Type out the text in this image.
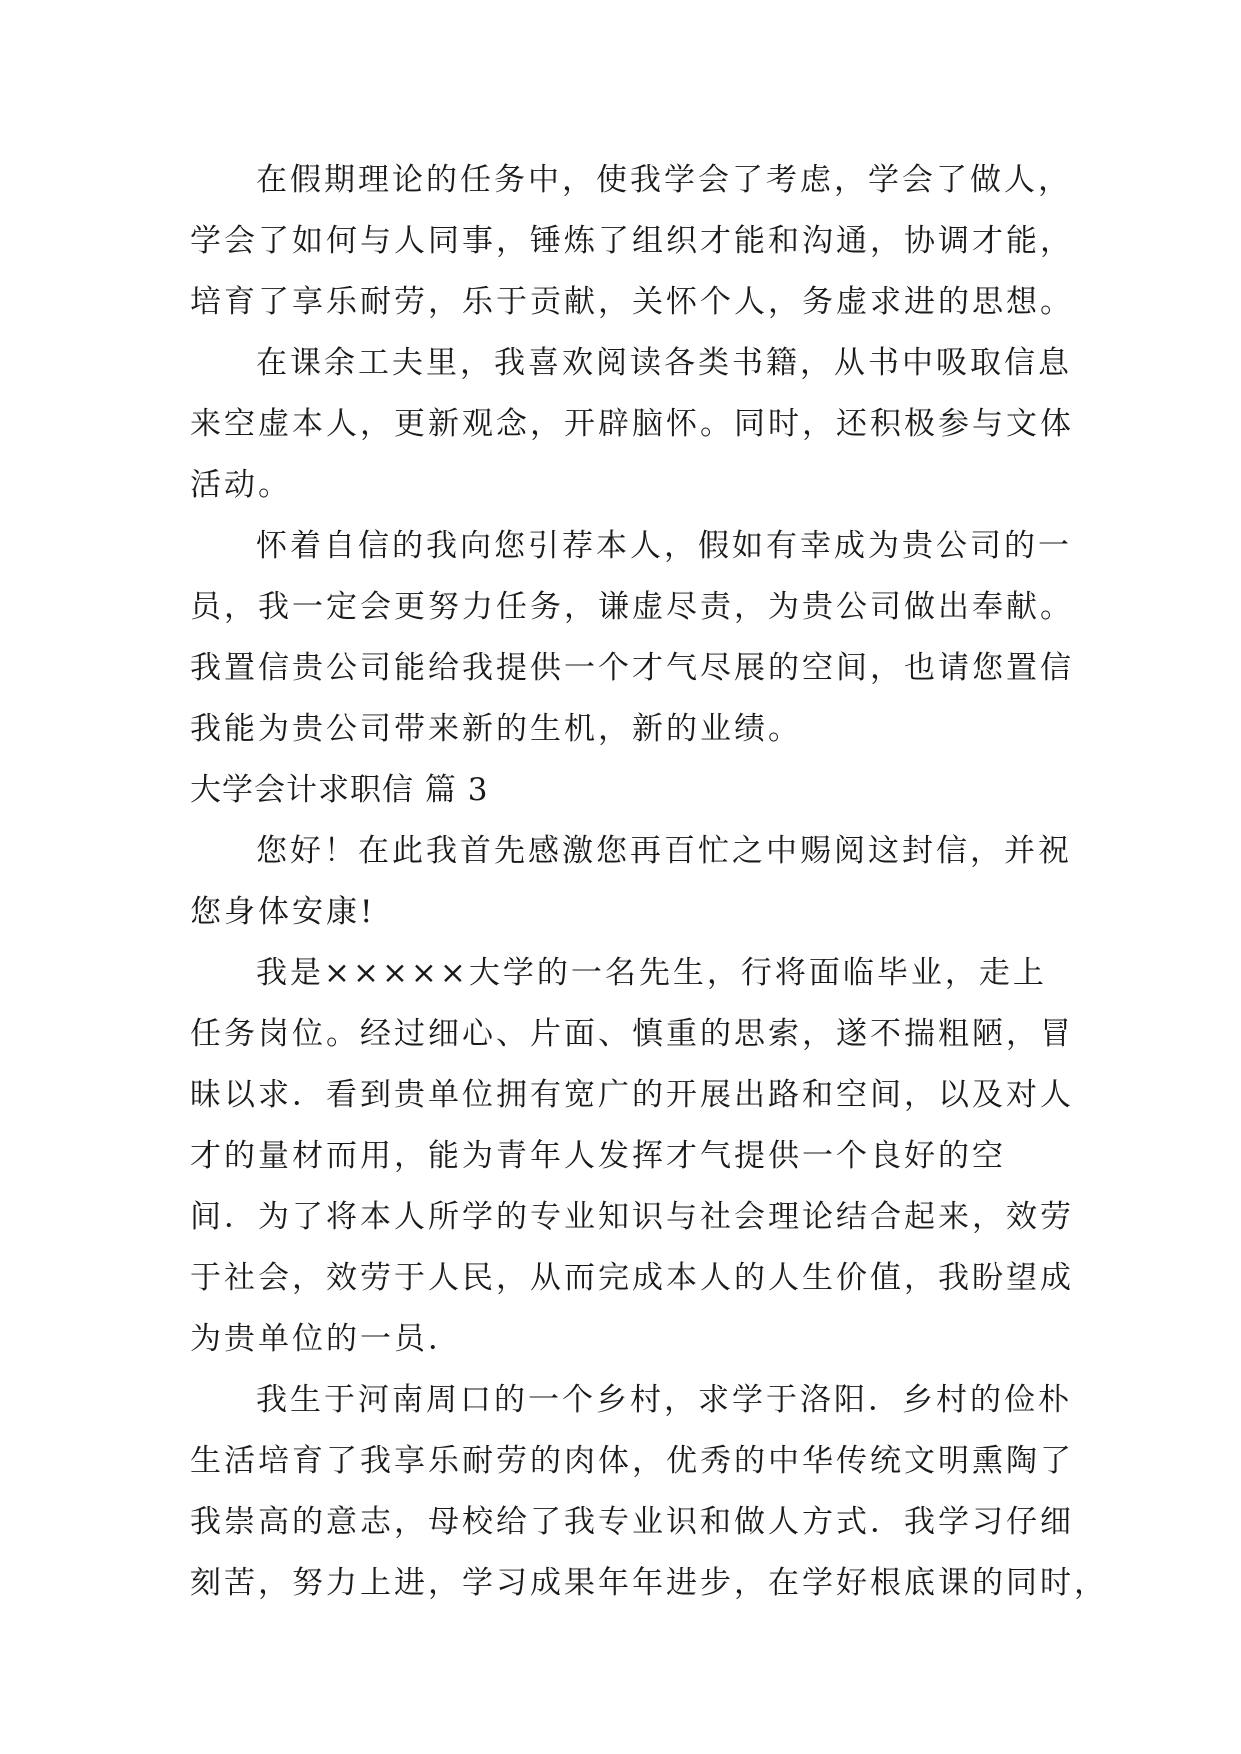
在假期理论的任务中，使我学会了考虑，学会了做人，
学会了如何与人同事，锤炼了组织才能和沟通，协调才能，
培育了享乐耐劳，乐于贡献，关怀个人，务虚求进的思想。
在课余工夫里，我喜欢阅读各类书籍，从书中吸取信息
来空虚本人，更新观念，开辟脑怀。同时，还积极参与文体
活动。
怀着自信的我向您引荐本人，假如有幸成为贵公司的一
员，我一定会更努力任务，谦虚尽责，为贵公司做出奉献。
我置信贵公司能给我提供一个才气尽展的空间，也请您置信
我能为贵公司带来新的生机，新的业绩。
大学会计求职信 篇 3
您好！在此我首先感激您再百忙之中赐阅这封信，并祝
您身体安康!
我是×××××大学的一名先生，行将面临毕业，走上
任务岗位。经过细心、片面、慎重的思索，遂不揣粗陋，冒
昧以求．看到贵单位拥有宽广的开展出路和空间，以及对人
才的量材而用，能为青年人发挥才气提供一个良好的空
间．为了将本人所学的专业知识与社会理论结合起来，效劳
于社会，效劳于人民，从而完成本人的人生价值，我盼望成
为贵单位的一员．
我生于河南周口的一个乡村，求学于洛阳．乡村的俭朴
生活培育了我享乐耐劳的肉体，优秀的中华传统文明熏陶了
我崇高的意志，母校给了我专业识和做人方式．我学习仔细
刻苦，努力上进，学习成果年年进步，在学好根底课的同时，
